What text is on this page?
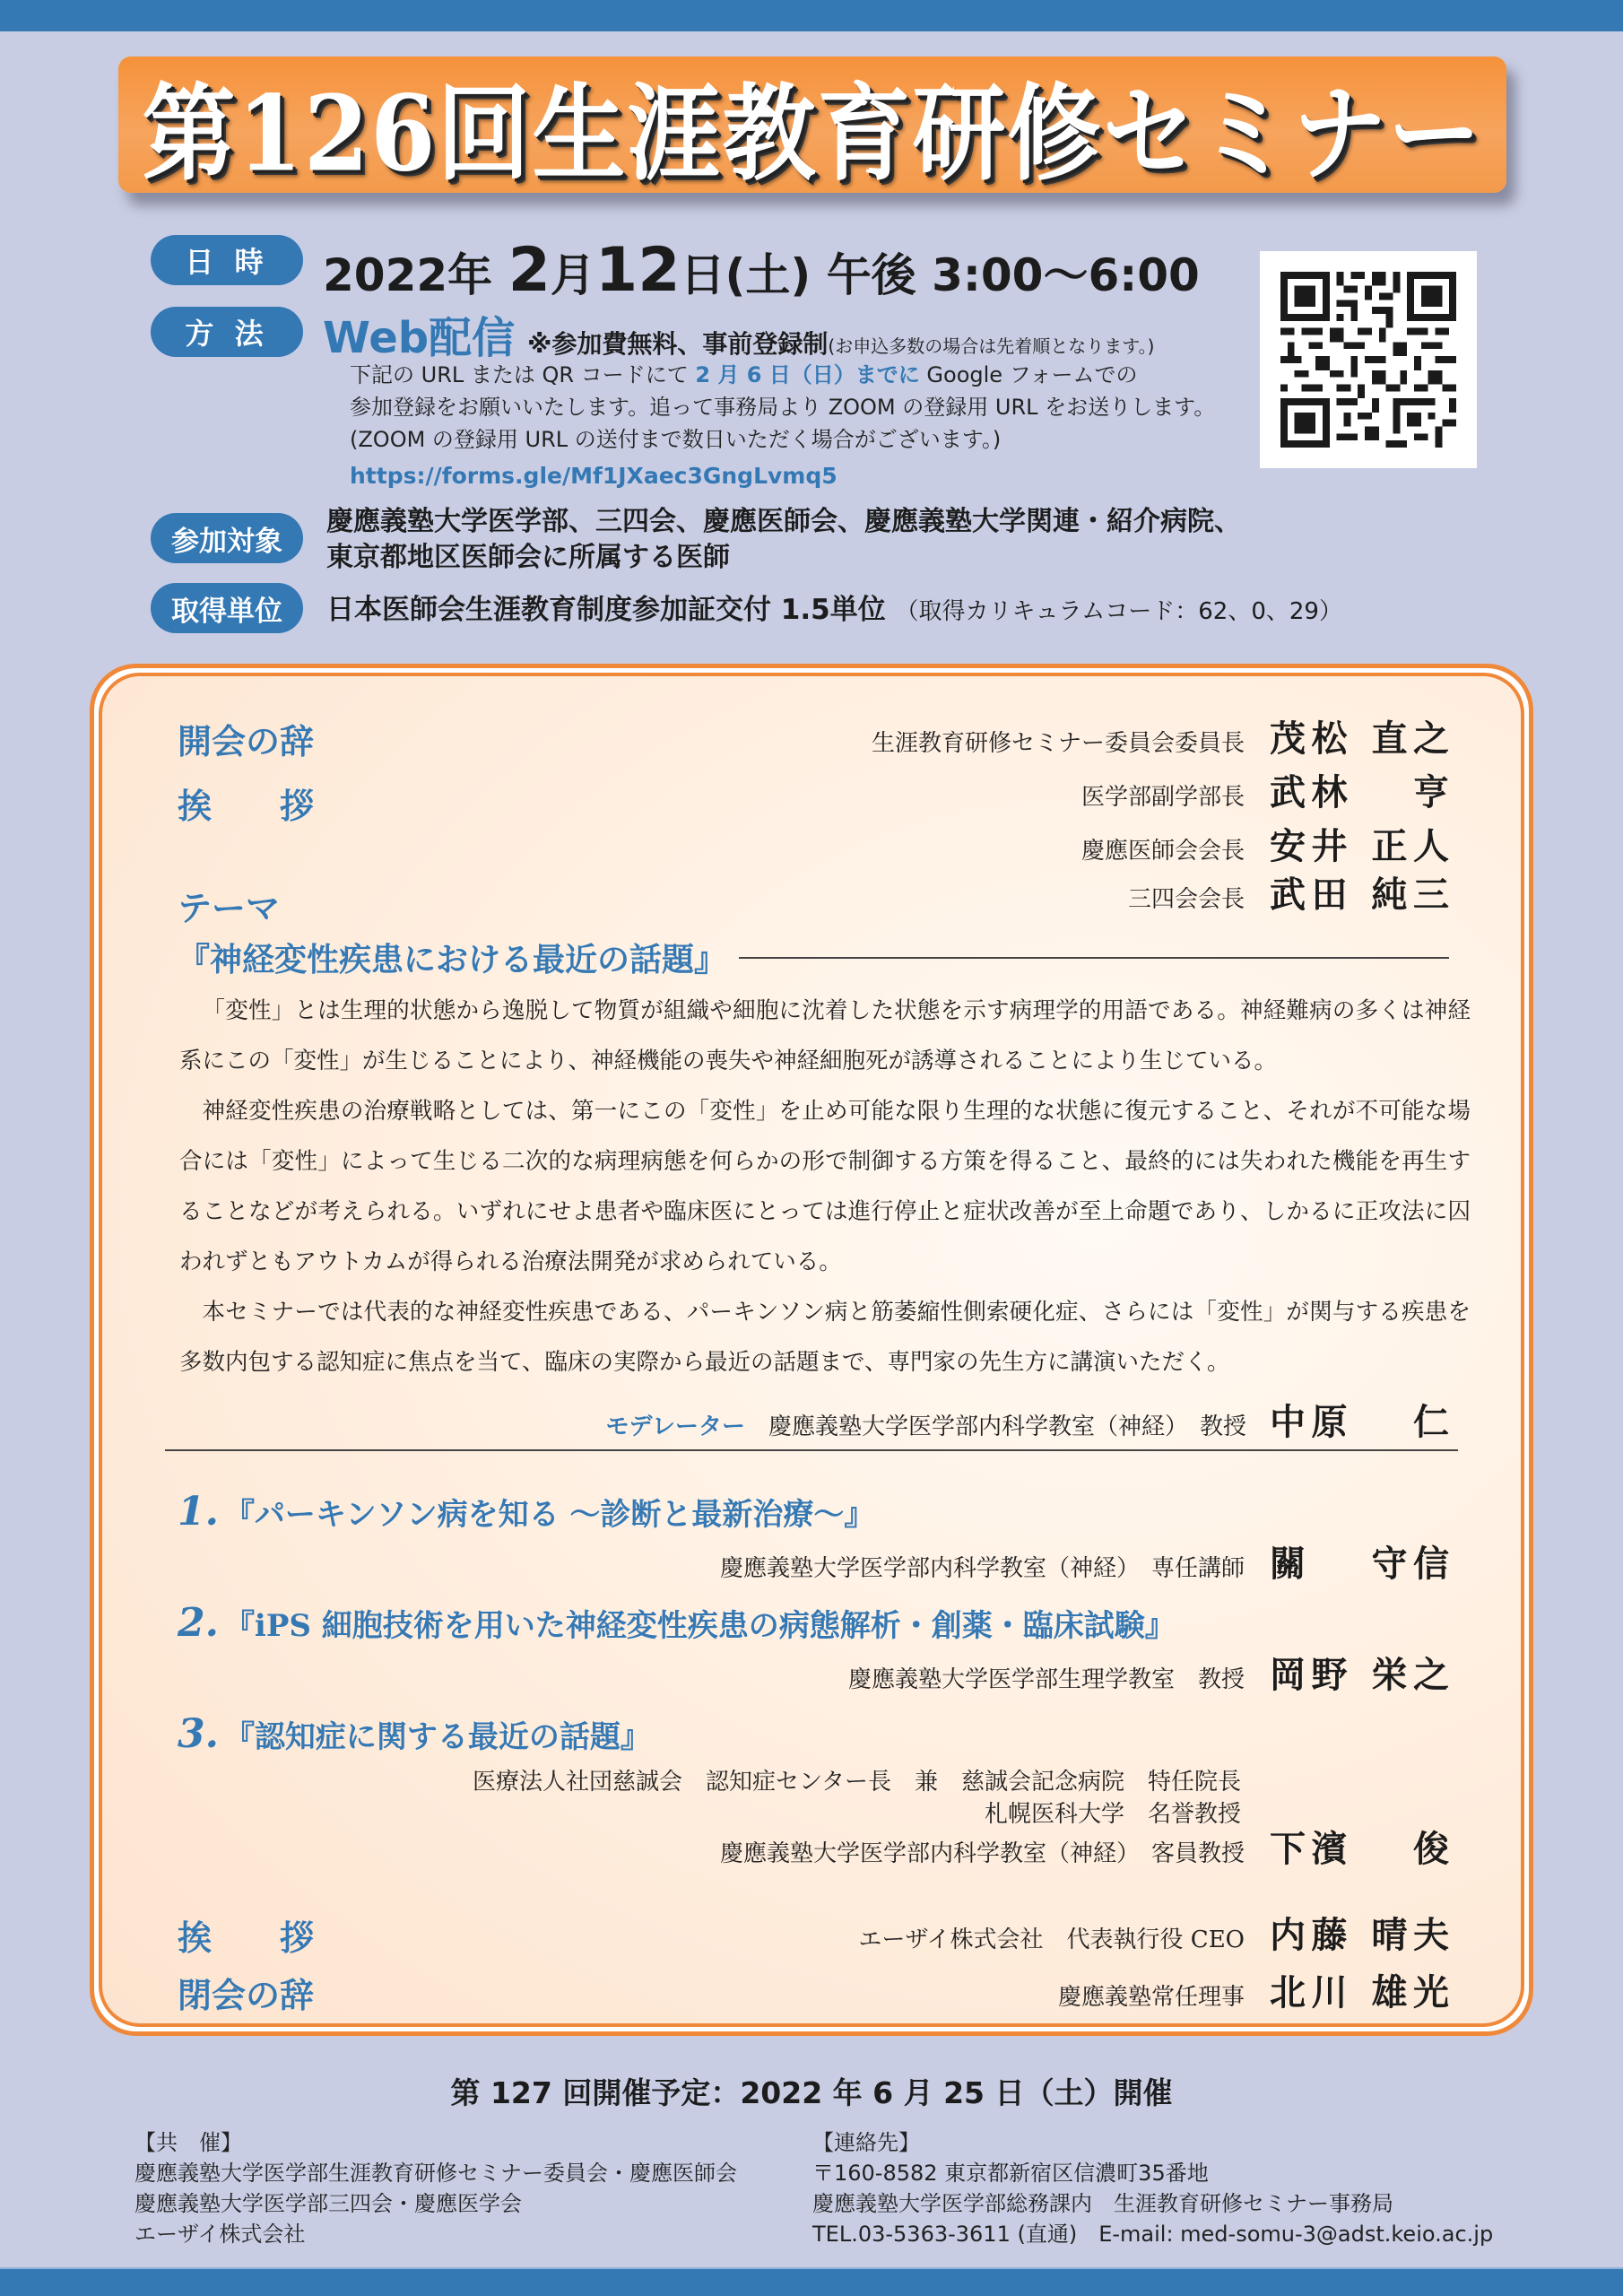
第126回生涯教育研修セミナー
日 時	2022年 2月12日(土) 午後 3:00～6:00
方 法	Web配信 ※参加費無料、事前登録制(お申込多数の場合は先着順となります。)
下記の URL または QR コードにて 2 月 6 日（日）までに Google フォームでの
参加登録をお願いいたします。追って事務局より ZOOM の登録用 URL をお送りします。
(ZOOM の登録用 URL の送付まで数日いただく場合がございます。)
https://forms.gle/Mf1JXaec3GngLvmq5
参加対象
慶應義塾大学医学部、三四会、慶應医師会、慶應義塾大学関連・紹介病院、
東京都地区医師会に所属する医師
取得単位	日本医師会生涯教育制度参加証交付 1.5単位 （取得カリキュラムコード：62、0、29）
開会の辞	生涯教育研修セミナー委員会委員長 茂松 直之
挨　　拶	医学部副学部長 武林　 亨
慶應医師会会長 安井 正人
三四会会長 武田 純三
テーマ
『神経変性疾患における最近の話題』

「変性」とは生理的状態から逸脱して物質が組織や細胞に沈着した状態を示す病理学的用語である。神経難病の多くは神経系にこの「変性」が生じることにより、神経機能の喪失や神経細胞死が誘導されることにより生じている。

神経変性疾患の治療戦略としては、第一にこの「変性」を止め可能な限り生理的な状態に復元すること、それが不可能な場合には「変性」によって生じる二次的な病理病態を何らかの形で制御する方策を得ること、最終的には失われた機能を再生することなどが考えられる。いずれにせよ患者や臨床医にとっては進行停止と症状改善が至上命題であり、しかるに正攻法に囚われずともアウトカムが得られる治療法開発が求められている。

本セミナーでは代表的な神経変性疾患である、パーキンソン病と筋萎縮性側索硬化症、さらには「変性」が関与する疾患を多数内包する認知症に焦点を当て、臨床の実際から最近の話題まで、専門家の先生方に講演いただく。

モデレーター 慶應義塾大学医学部内科学教室（神経）　教授 中原　 仁
1. 『パーキンソン病を知る ～診断と最新治療～』
慶應義塾大学医学部内科学教室（神経）　専任講師 關　 守信
2. 『iPS 細胞技術を用いた神経変性疾患の病態解析・創薬・臨床試験』
慶應義塾大学医学部生理学教室　教授 岡野 栄之
3. 『認知症に関する最近の話題』
医療法人社団慈誠会　認知症センター長　兼　慈誠会記念病院　特任院長
札幌医科大学　名誉教授
慶應義塾大学医学部内科学教室（神経）　客員教授 下濱　 俊
挨　　拶	エーザイ株式会社　代表執行役 CEO 内藤 晴夫
閉会の辞	慶應義塾常任理事 北川 雄光
第 127 回開催予定：2022 年 6 月 25 日（土）開催
【共　催】
慶應義塾大学医学部生涯教育研修セミナー委員会・慶應医師会
慶應義塾大学医学部三四会・慶應医学会
エーザイ株式会社
【連絡先】
〒160-8582 東京都新宿区信濃町35番地
慶應義塾大学医学部総務課内　生涯教育研修セミナー事務局
TEL.03-5363-3611 (直通)　E-mail: med-somu-3@adst.keio.ac.jp
